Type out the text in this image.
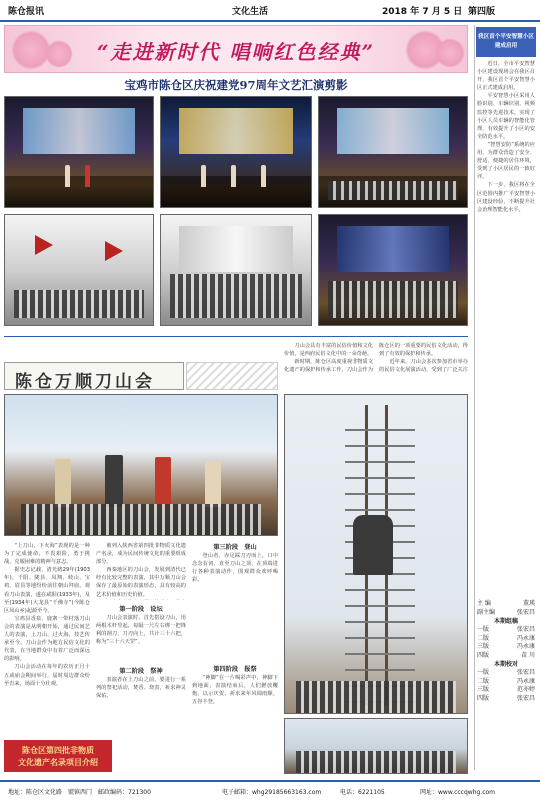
陈仓报讯	文化生活	2018 年 7 月 5 日 第四版
“走进新时代 唱响红色经典”
宝鸡市陈仓区庆祝建党97周年文艺汇演剪影
陈仓万顺刀山会

“上刀山，下火海”表现的是一种为了完成使命，不畏艰险，勇于挑战，克服困难的精神与意志。

据史志记载，清光绪29年(1903年)，千阳、陇县、凤翔、岐山、宝鸡、眉县等地纷纷前往朝山拜庙、观看刀山表演，遂在咸阳(1933年)，及至(1934年)大龙县“千佛寺”(今陈仓区凤山乡)起源至今。

宝鸡县香泉、鹿寨一带村落刀山会的表演是从明朝开始，通过民间艺人的表演，上刀山、过火海，技艺传承至今。刀山会作为地方民俗文化的代表，在当地群众中有着广泛而深远的影响。

刀山会活动在每年的农历正月十五或庙会期间举行，届时周边群众纷至沓来，场面十分壮观。

被列入陕西省第四批非物质文化遗产名录，成为民间传统文化的重要组成部分。

西秦地区的刀山会，发展到清代已经有比较完整的表演，其中万顺刀山会保存了最原始的表演形态，具有较高的艺术价值和历史价值。

第一阶段　设坛

刀山会表演时，首先搭设刀山，用两根木杆竖起，每隔一尺左右绑一把锋利的钢刀，刀刃向上，共计三十六把，称为“三十六天罡”。

第二阶段　祭神

表演者在上刀山之前，要进行一系列的祭祀活动，焚香、烧表，祈求神灵保佑。

第三阶段　登山

登山者，赤足踩刀刃而上，口中念念有词，直至刀山之顶，在顶端进行各种表演动作，围观群众欢呼喝彩。

第四阶段　报祭

“神脚”在一片喝彩声中，神脚下到地面，表演结束后，人们燃放鞭炮，以示庆贺，祈求来年风调雨顺、五谷丰登。

刀山会具有丰富的民俗价值和文化价值，是西府民俗文化中的一朵奇葩。

新时期，陈仓区高度重视非物质文化遗产的保护和传承工作，刀山会作为陈仓区的一项重要的民俗文化活动，得到了有效的保护和传承。

近年来，刀山会多次参加省市举办的民俗文化展演活动，受到了广泛关注

陈仓区第四批非物质
文化遗产名录项目介绍
我区首个平安智慧小区
建成启用

近日，全市平安智慧小区建设现场会在我区召开，我区首个平安智慧小区正式建成启用。

平安智慧小区采用人脸识别、车辆识别、视频监控等先进技术，实现了小区人员车辆的智能化管理，有效提升了小区的安全防范水平。

“智慧安防”系统的应用，为群众营造了安全、舒适、便捷的居住环境，受到了小区居民的一致好评。

下一步，我区将在全区范围内推广平安智慧小区建设经验，不断提升社会治理智能化水平。

主 编	董瑛
副主编	张宏昌
本期组稿
一版	张宏昌
二版	冯永康
三版	冯永康
四版	苗 川
本期校对
一版	张宏昌
二版	冯永康
三版	范亦婷
四版	张宏昌
地址：陈仓区文化路　號镇西门　邮政编码：721300	电子邮箱：whg29185663163.com	电话：6221105	网址：www.cccqwhg.com
